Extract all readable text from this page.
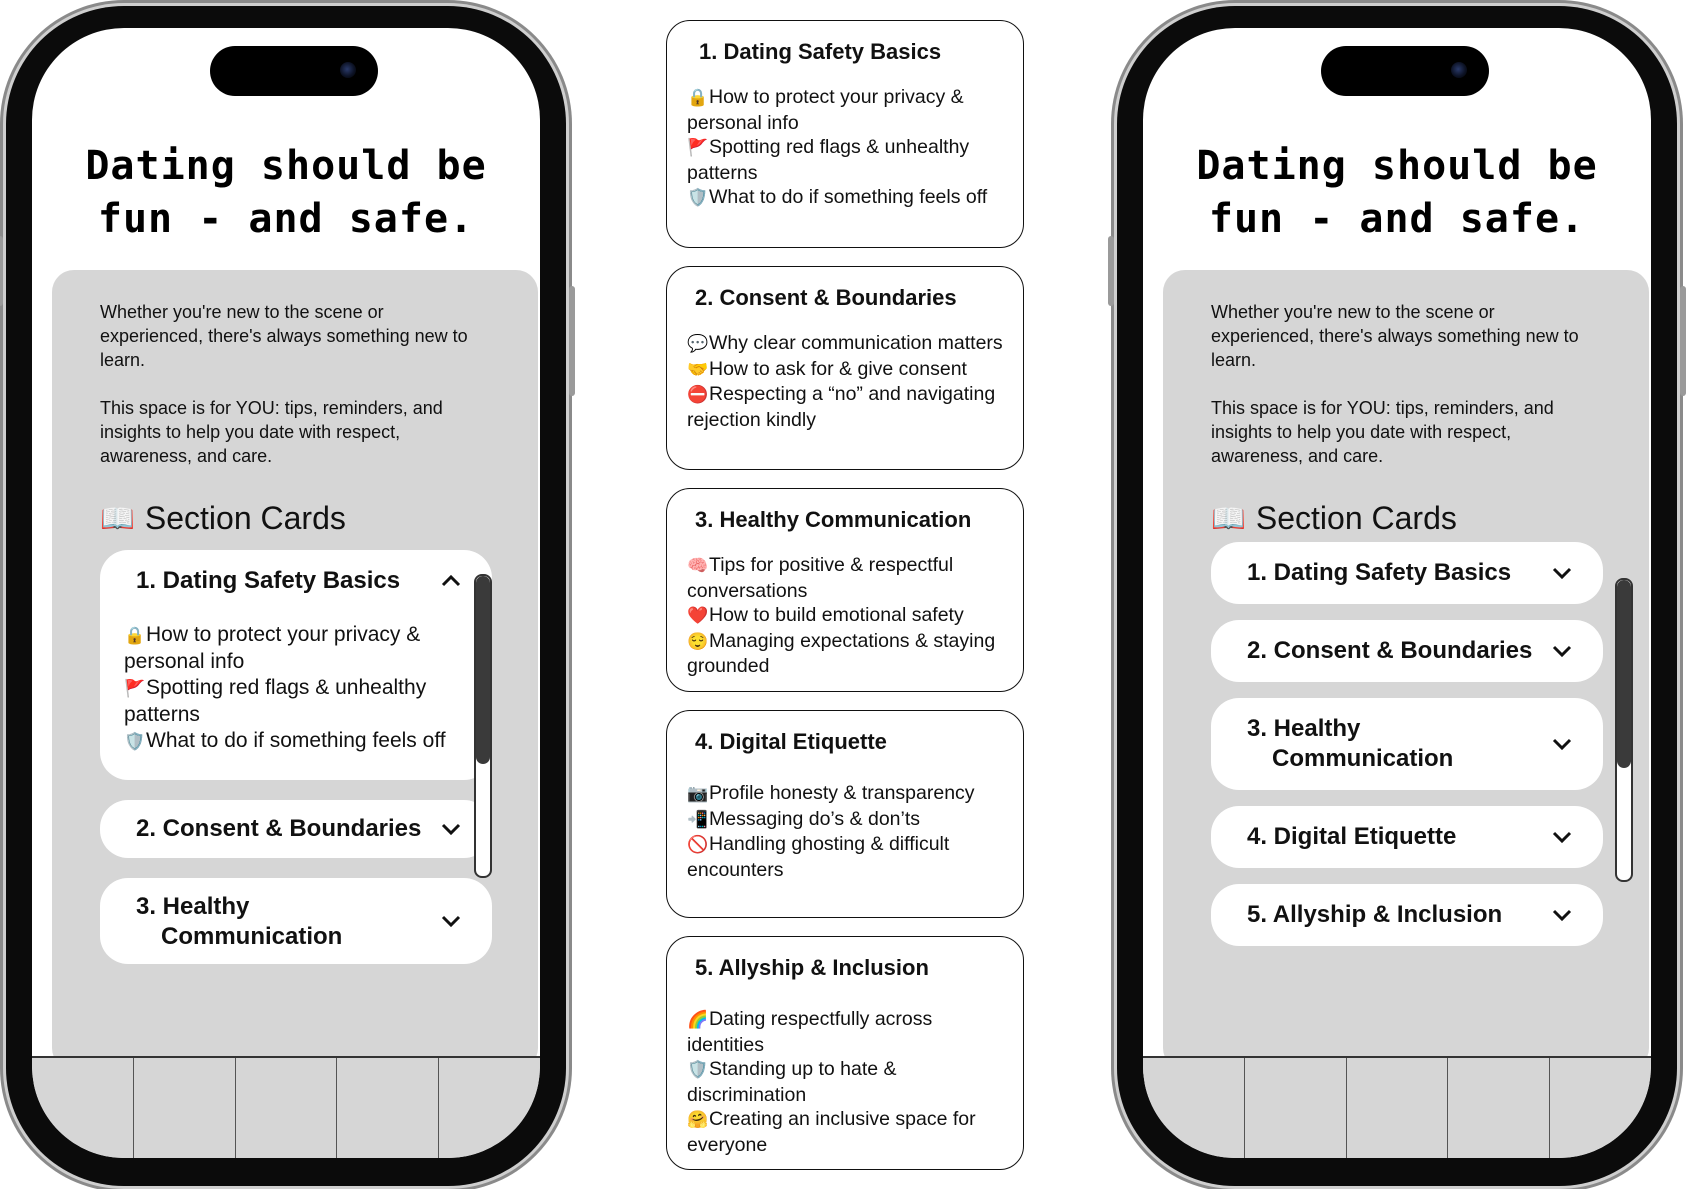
Dating should be
fun - and safe.

Whether you're new to the scene or experienced, there's always something new to learn.

This space is for YOU: tips, reminders, and insights to help you date with respect, awareness, and care.

📖 Section Cards
1. Dating Safety Basics
🔒How to protect your privacy & personal info
🚩Spotting red flags & unhealthy patterns
🛡️What to do if something feels off
2. Consent & Boundaries
3. Healthy
Communication
1. Dating Safety Basics
🔒How to protect your privacy & personal info
🚩Spotting red flags & unhealthy patterns
🛡️What to do if something feels off
2. Consent & Boundaries
💬Why clear communication matters
🤝How to ask for & give consent
⛔Respecting a “no” and navigating rejection kindly
3. Healthy Communication
🧠Tips for positive & respectful conversations
❤️How to build emotional safety
😌Managing expectations & staying grounded
4. Digital Etiquette
📷Profile honesty & transparency
📲Messaging do’s & don’ts
🚫Handling ghosting & difficult encounters
5. Allyship & Inclusion
🌈Dating respectfully across identities
🛡️Standing up to hate & discrimination
🤗Creating an inclusive space for everyone
Dating should be
fun - and safe.

Whether you're new to the scene or experienced, there's always something new to learn.

This space is for YOU: tips, reminders, and insights to help you date with respect, awareness, and care.

📖 Section Cards
1. Dating Safety Basics
2. Consent & Boundaries
3. Healthy
Communication
4. Digital Etiquette
5. Allyship & Inclusion
